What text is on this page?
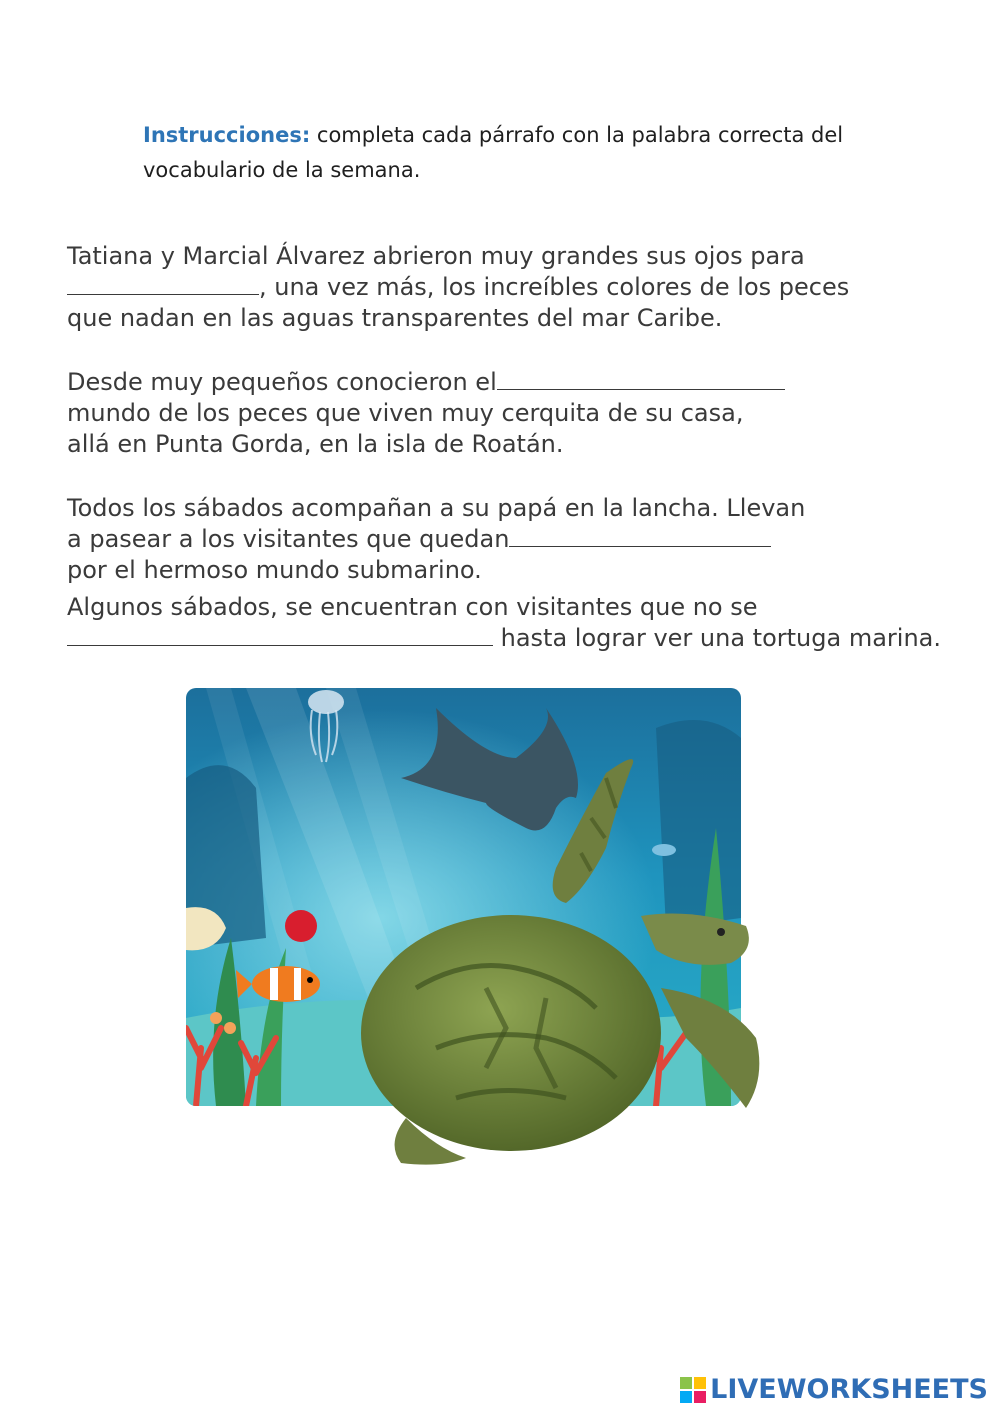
Instrucciones: completa cada párrafo con la palabra correcta del
vocabulario de la semana.
Tatiana y Marcial Álvarez abrieron muy grandes sus ojos para
, una vez más, los increíbles colores de los peces
que nadan en las aguas transparentes del mar Caribe.
Desde muy pequeños conocieron el
mundo de los peces que viven muy cerquita de su casa,
allá en Punta Gorda, en la isla de Roatán.
Todos los sábados acompañan a su papá en la lancha. Llevan
a pasear a los visitantes que quedan
por el hermoso mundo submarino.
Algunos sábados, se encuentran con visitantes que no se
hasta lograr ver una tortuga marina.
LIVEWORKSHEETS
